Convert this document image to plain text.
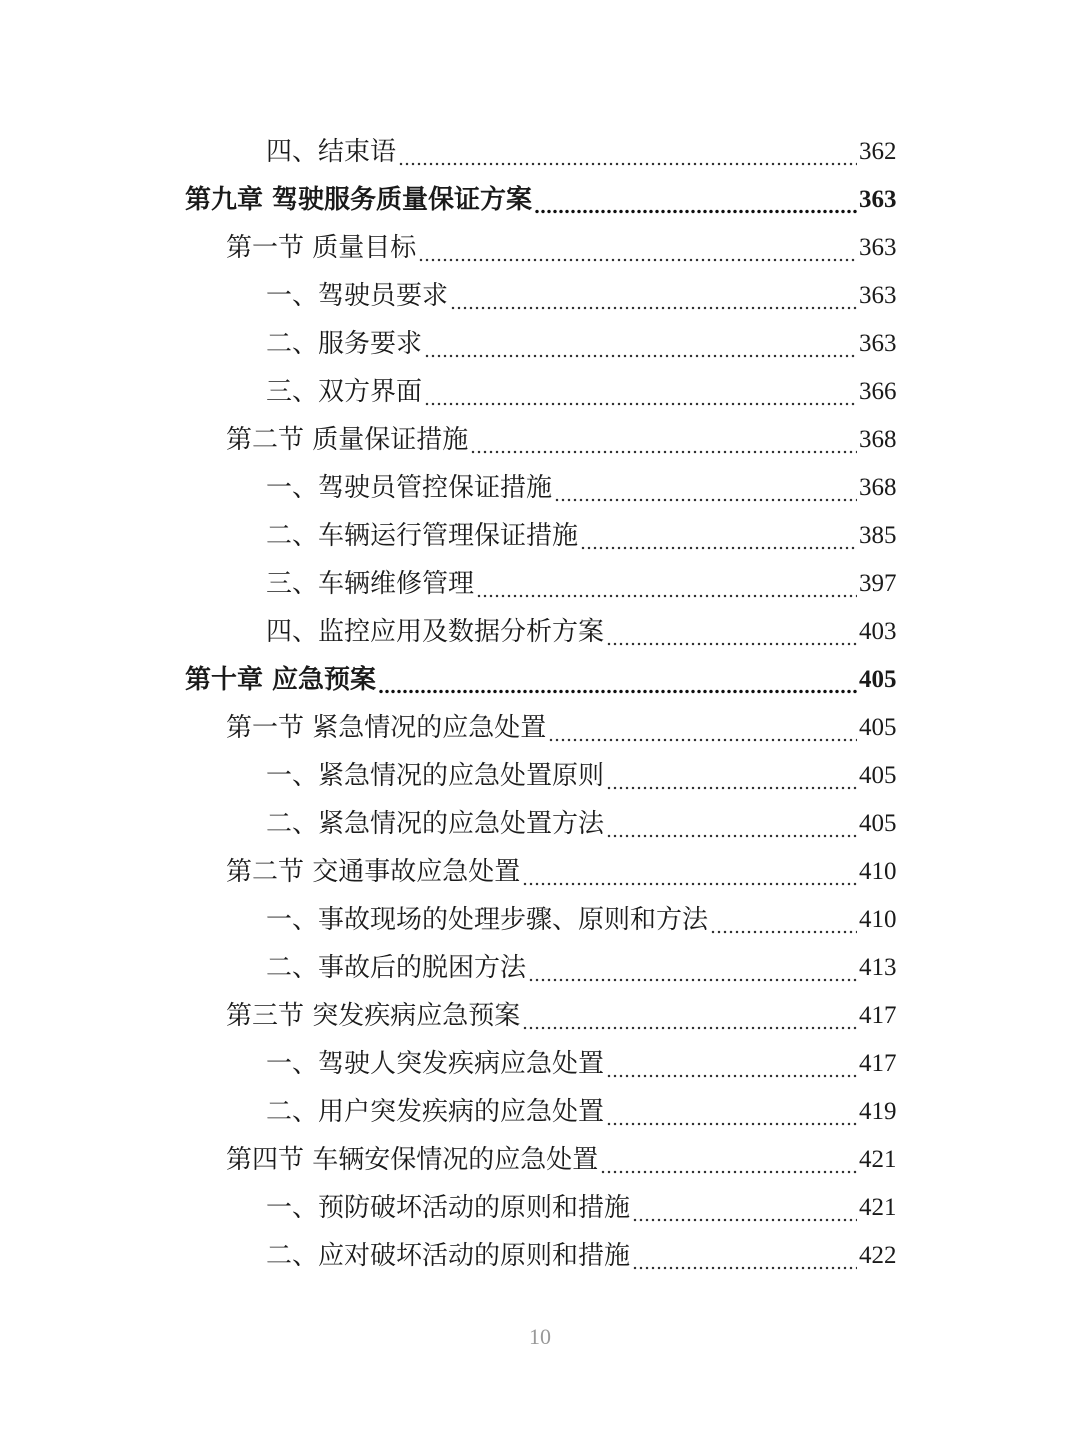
四、结束语	362
第九章 驾驶服务质量保证方案	363
第一节 质量目标	363
一、驾驶员要求	363
二、服务要求	363
三、双方界面	366
第二节 质量保证措施	368
一、驾驶员管控保证措施	368
二、车辆运行管理保证措施	385
三、车辆维修管理	397
四、监控应用及数据分析方案	403
第十章 应急预案	405
第一节 紧急情况的应急处置	405
一、紧急情况的应急处置原则	405
二、紧急情况的应急处置方法	405
第二节 交通事故应急处置	410
一、事故现场的处理步骤、原则和方法	410
二、事故后的脱困方法	413
第三节 突发疾病应急预案	417
一、驾驶人突发疾病应急处置	417
二、用户突发疾病的应急处置	419
第四节 车辆安保情况的应急处置	421
一、预防破坏活动的原则和措施	421
二、应对破坏活动的原则和措施	422
10
